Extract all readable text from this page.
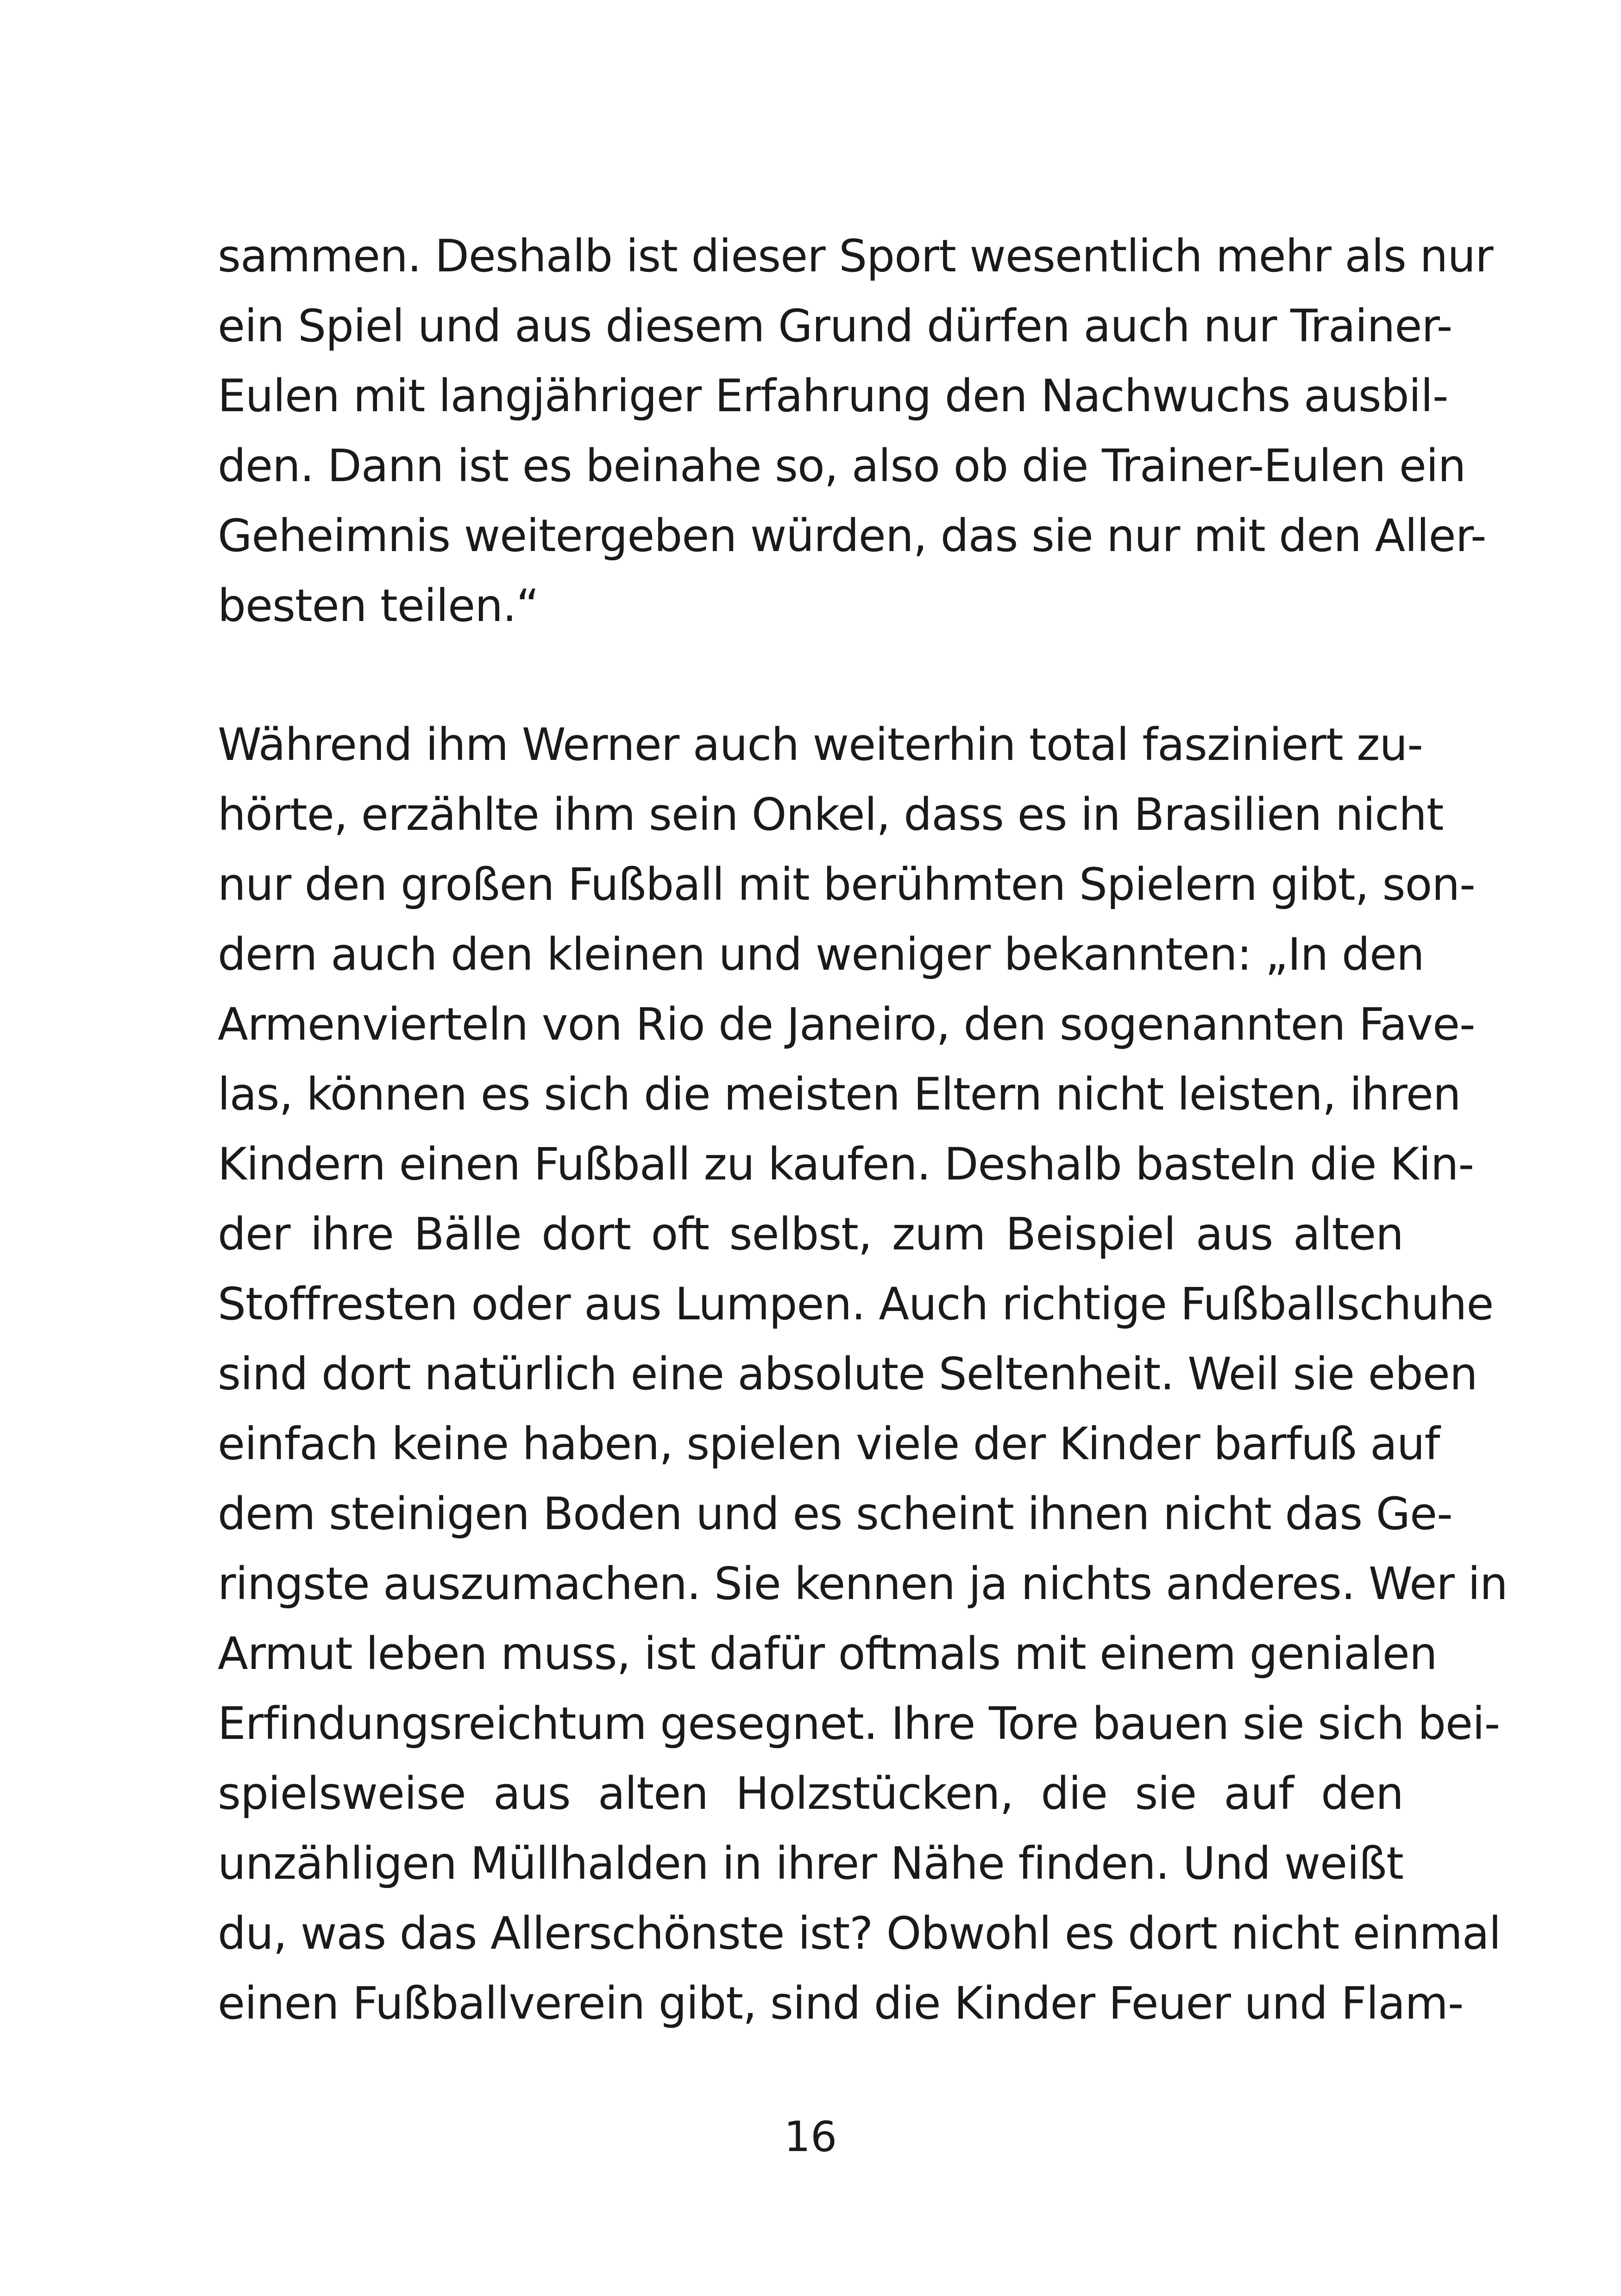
sammen. Deshalb ist dieser Sport wesentlich mehr als nur
ein Spiel und aus diesem Grund dürfen auch nur Trainer-
Eulen mit langjähriger Erfahrung den Nachwuchs ausbil-
den. Dann ist es beinahe so, also ob die Trainer-Eulen ein
Geheimnis weitergeben würden, das sie nur mit den Aller-
besten teilen.“
Während ihm Werner auch weiterhin total fasziniert zu-
hörte, erzählte ihm sein Onkel, dass es in Brasilien nicht
nur den großen Fußball mit berühmten Spielern gibt, son-
dern auch den kleinen und weniger bekannten: „In den
Armenvierteln von Rio de Janeiro, den sogenannten Fave-
las, können es sich die meisten Eltern nicht leisten, ihren
Kindern einen Fußball zu kaufen. Deshalb basteln die Kin-
der ihre Bälle dort oft selbst, zum Beispiel aus alten
Stoffresten oder aus Lumpen. Auch richtige Fußballschuhe
sind dort natürlich eine absolute Seltenheit. Weil sie eben
einfach keine haben, spielen viele der Kinder barfuß auf
dem steinigen Boden und es scheint ihnen nicht das Ge-
ringste auszumachen. Sie kennen ja nichts anderes. Wer in
Armut leben muss, ist dafür oftmals mit einem genialen
Erfindungsreichtum gesegnet. Ihre Tore bauen sie sich bei-
spielsweise aus alten Holzstücken, die sie auf den
unzähligen Müllhalden in ihrer Nähe finden. Und weißt
du, was das Allerschönste ist? Obwohl es dort nicht einmal
einen Fußballverein gibt, sind die Kinder Feuer und Flam-

16
